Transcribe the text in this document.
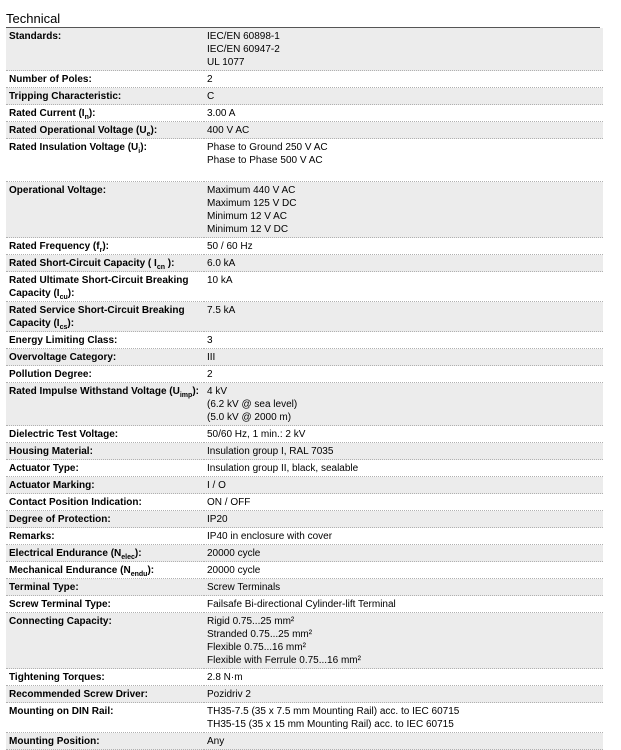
Technical
Standards:	IEC/EN 60898-1
IEC/EN 60947-2
UL 1077

Number of Poles:	2

Tripping Characteristic:	C

Rated Current $(I_n)$:	3.00 A

Rated Operational Voltage $(U_e)$:	400 V AC

Rated Insulation Voltage $(U_i)$:	Phase to Ground 250 V AC
Phase to Phase 500 V AC

Operational Voltage:	Maximum 440 V AC
Maximum 125 V DC
Minimum 12 V AC
Minimum 12 V DC

Rated Frequency $(f_r)$:	50 / 60 Hz

Rated Short-Circuit Capacity ( $I_{cn}$ ):	6.0 kA

Rated Ultimate Short-Circuit Breaking Capacity $(I_{cu})$:	10 kA

Rated Service Short-Circuit Breaking Capacity $(I_{cs})$:	7.5 kA

Energy Limiting Class:	3

Overvoltage Category:	III

Pollution Degree:	2

Rated Impulse Withstand Voltage $(U_{imp})$:	4 kV
(6.2 kV @ sea level)
(5.0 kV @ 2000 m)

Dielectric Test Voltage:	50/60 Hz, 1 min.: 2 kV

Housing Material:	Insulation group I, RAL 7035

Actuator Type:	Insulation group II, black, sealable

Actuator Marking:	I / O

Contact Position Indication:	ON / OFF

Degree of Protection:	IP20

Remarks:	IP40 in enclosure with cover

Electrical Endurance $(N_{elec})$:	20000 cycle

Mechanical Endurance $(N_{endu})$:	20000 cycle

Terminal Type:	Screw Terminals

Screw Terminal Type:	Failsafe Bi-directional Cylinder-lift Terminal

Connecting Capacity:	Rigid 0.75...25 mm²
Stranded 0.75...25 mm²
Flexible 0.75...16 mm²
Flexible with Ferrule 0.75...16 mm²

Tightening Torques:	2.8 N·m

Recommended Screw Driver:	Pozidriv 2

Mounting on DIN Rail:	TH35-7.5 (35 x 7.5 mm Mounting Rail) acc. to IEC 60715
TH35-15 (35 x 15 mm Mounting Rail) acc. to IEC 60715

Mounting Position:	Any
